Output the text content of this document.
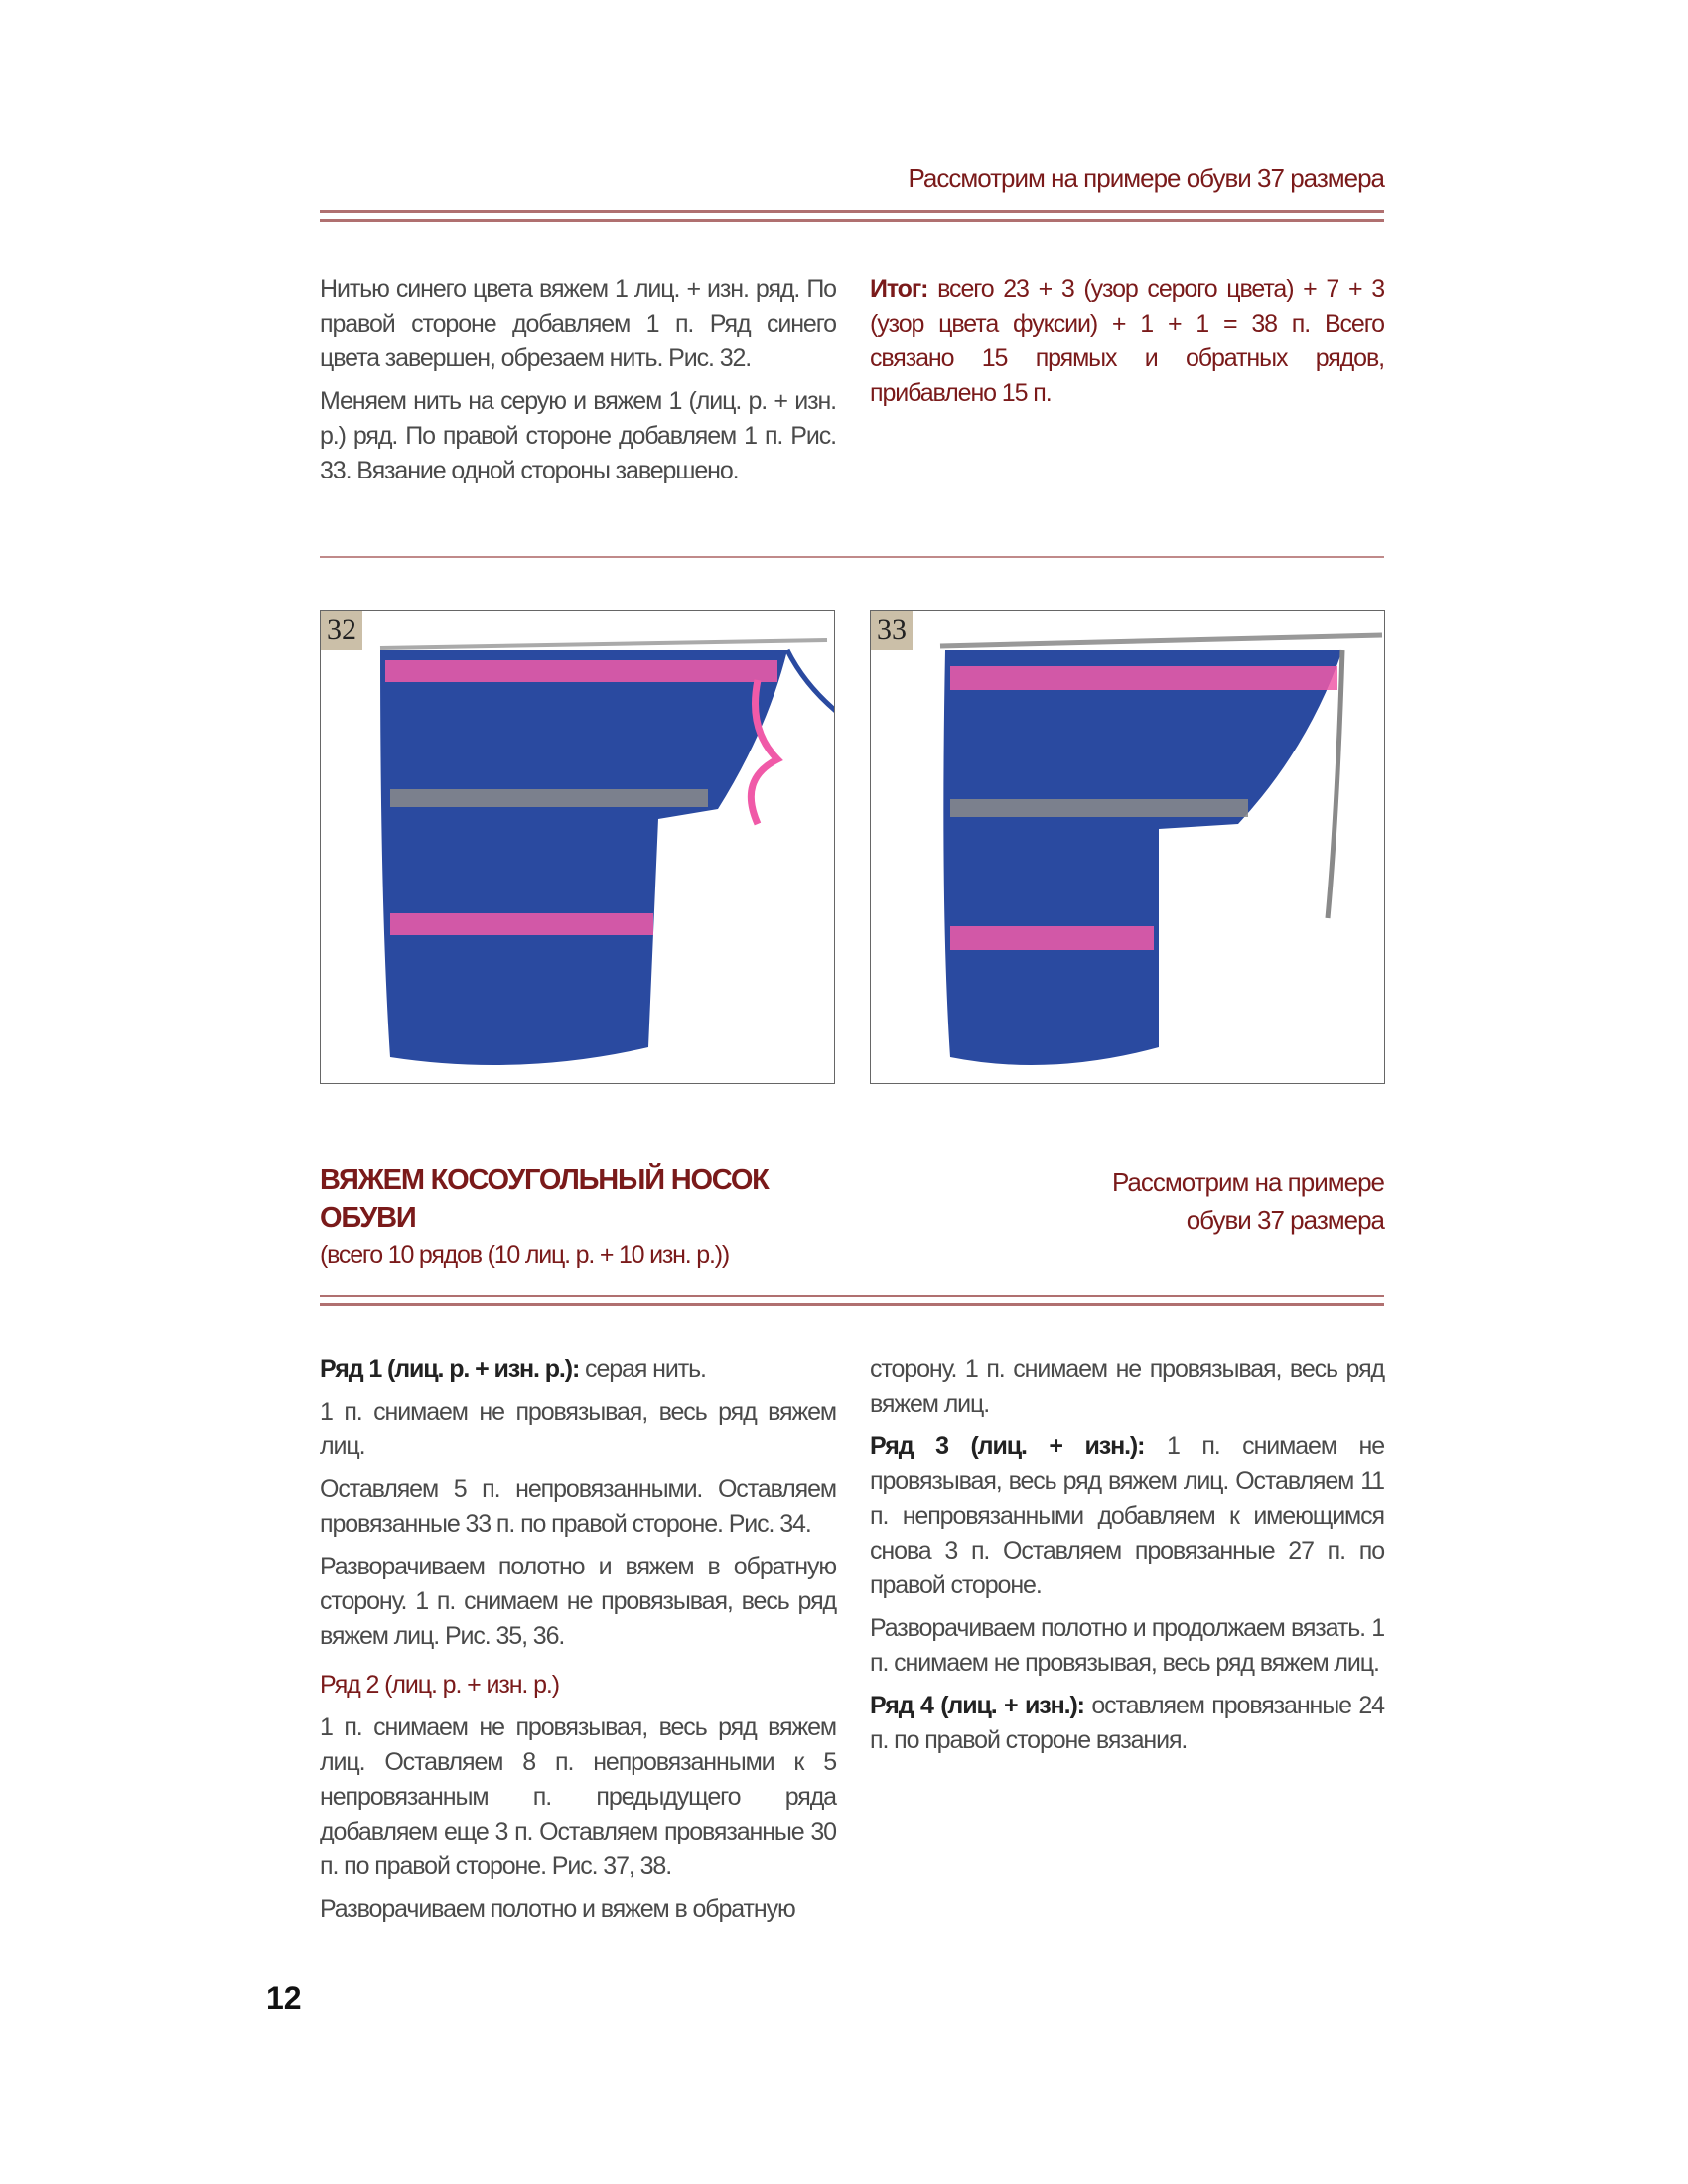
Рассмотрим на примере обуви 37 размера

Нитью синего цвета вяжем 1 лиц. + изн. ряд. По правой стороне добавляем 1 п. Ряд синего цвета завершен, обрезаем нить. Рис. 32.

Меняем нить на серую и вяжем 1 (лиц. р. + изн. р.) ряд. По правой стороне добавляем 1 п. Рис. 33. Вязание одной стороны завершено.

Итог: всего 23 + 3 (узор серого цвета) + 7 + 3 (узор цвета фуксии) + 1 + 1 = 38 п. Всего связано 15 прямых и обратных рядов, прибавлено 15 п.

32	33
ВЯЖЕМ КОСОУГОЛЬНЫЙ НОСОК ОБУВИ
(всего 10 рядов (10 лиц. р. + 10 изн. р.))
Рассмотрим на примере обуви 37 размера

Ряд 1 (лиц. р. + изн. р.): серая нить.

1 п. снимаем не провязывая, весь ряд вяжем лиц.

Оставляем 5 п. непровязанными. Оставляем провязанные 33 п. по правой стороне. Рис. 34.

Разворачиваем полотно и вяжем в обратную сторону. 1 п. снимаем не провязывая, весь ряд вяжем лиц. Рис. 35, 36.

Ряд 2 (лиц. р. + изн. р.)

1 п. снимаем не провязывая, весь ряд вяжем лиц. Оставляем 8 п. непровязанными к 5 непровязанным п. предыдущего ряда добавляем еще 3 п. Оставляем провязанные 30 п. по правой стороне. Рис. 37, 38.

Разворачиваем полотно и вяжем в обратную

сторону. 1 п. снимаем не провязывая, весь ряд вяжем лиц.

Ряд 3 (лиц. + изн.): 1 п. снимаем не провязывая, весь ряд вяжем лиц. Оставляем 11 п. непровязанными добавляем к имеющимся снова 3 п. Оставляем провязанные 27 п. по правой стороне.

Разворачиваем полотно и продолжаем вязать. 1 п. снимаем не провязывая, весь ряд вяжем лиц.

Ряд 4 (лиц. + изн.): оставляем провязанные 24 п. по правой стороне вязания.

12
